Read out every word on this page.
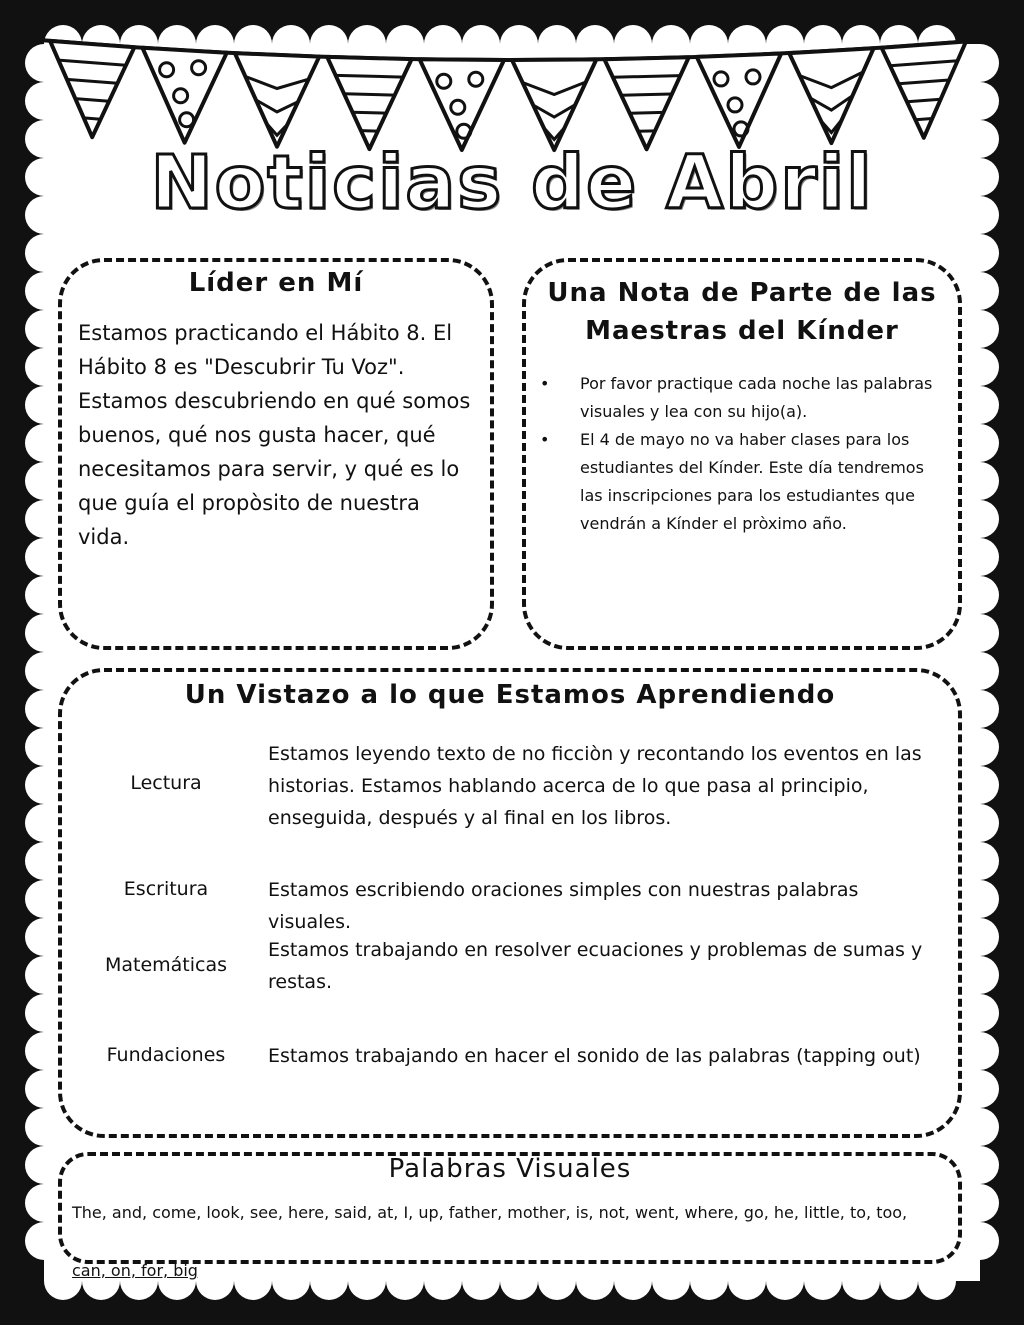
Noticias de Abril
Líder en Mí

Estamos practicando el Hábito 8. El Hábito 8 es "Descubrir Tu Voz". Estamos descubriendo en qué somos buenos, qué nos gusta hacer, qué necesitamos para servir, y qué es lo que guía el propòsito de nuestra vida.

Una Nota de Parte de las
Maestras del Kínder
• Por favor practique cada noche las palabras visuales y lea con su hijo(a).
• El 4 de mayo no va haber clases para los estudiantes del Kínder. Este día tendremos las inscripciones para los estudiantes que vendrán a Kínder el pròximo año.
Un Vistazo a lo que Estamos Aprendiendo
Lectura
Estamos leyendo texto de no ficciòn y recontando los eventos en las historias. Estamos hablando acerca de lo que pasa al principio, enseguida, después y al final en los libros.
Escritura	Estamos escribiendo oraciones simples con nuestras palabras visuales.
Matemáticas
Estamos trabajando en resolver ecuaciones y problemas de sumas y restas.
Fundaciones	Estamos trabajando en hacer el sonido de las palabras (tapping out)
Palabras Visuales

The, and, come, look, see, here, said, at, I, up, father, mother, is, not, went, where, go, he, little, to, too,
can, on, for, big
